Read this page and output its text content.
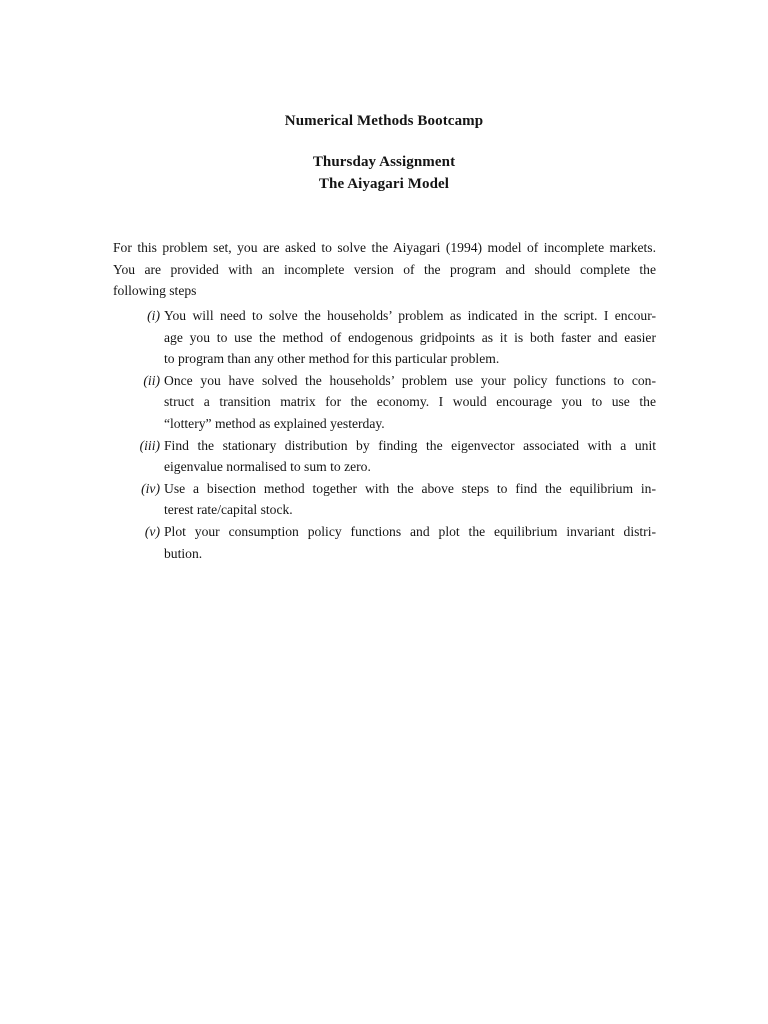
Numerical Methods Bootcamp
Thursday Assignment
The Aiyagari Model
For this problem set, you are asked to solve the Aiyagari (1994) model of incomplete markets.
You are provided with an incomplete version of the program and should complete the
following steps
(i) You will need to solve the households’ problem as indicated in the script. I encour-
age you to use the method of endogenous gridpoints as it is both faster and easier
to program than any other method for this particular problem.
(ii) Once you have solved the households’ problem use your policy functions to con-
struct a transition matrix for the economy. I would encourage you to use the
“lottery” method as explained yesterday.
(iii) Find the stationary distribution by finding the eigenvector associated with a unit
eigenvalue normalised to sum to zero.
(iv) Use a bisection method together with the above steps to find the equilibrium in-
terest rate/capital stock.
(v) Plot your consumption policy functions and plot the equilibrium invariant distri-
bution.
